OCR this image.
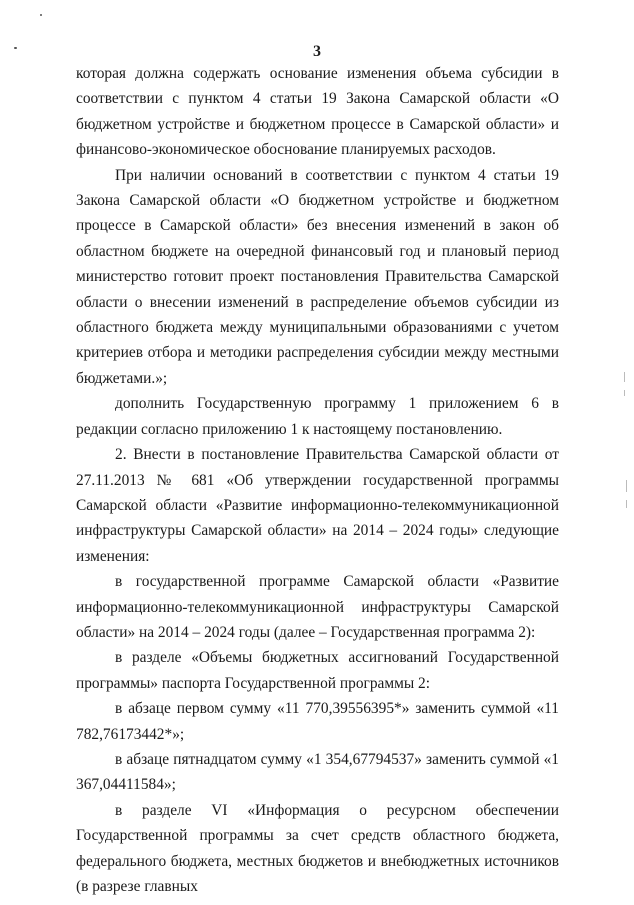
3

которая должна содержать основание изменения объема субсидии в соответствии с пунктом 4 статьи 19 Закона Самарской области «О бюджетном устройстве и бюджетном процессе в Самарской области» и финансово-экономическое обоснование планируемых расходов.

При наличии оснований в соответствии с пунктом 4 статьи 19 Закона Самарской области «О бюджетном устройстве и бюджетном процессе в Самарской области» без внесения изменений в закон об областном бюджете на очередной финансовый год и плановый период министерство готовит проект постановления Правительства Самарской области о внесении изменений в распределение объемов субсидии из областного бюджета между муниципальными образованиями с учетом критериев отбора и методики распределения субсидии между местными бюджетами.»;

дополнить Государственную программу 1 приложением 6 в редакции согласно приложению 1 к настоящему постановлению.

2. Внести в постановление Правительства Самарской области от 27.11.2013 № 681 «Об утверждении государственной программы Самарской области «Развитие информационно-телекоммуникационной инфраструктуры Самарской области» на 2014 – 2024 годы» следующие изменения:

в государственной программе Самарской области «Развитие информационно-телекоммуникационной инфраструктуры Самарской области» на 2014 – 2024 годы (далее – Государственная программа 2):

в разделе «Объемы бюджетных ассигнований Государственной программы» паспорта Государственной программы 2:

в абзаце первом сумму «11 770,39556395*» заменить суммой «11 782,76173442*»;

в абзаце пятнадцатом сумму «1 354,67794537» заменить суммой «1 367,04411584»;

в разделе VI «Информация о ресурсном обеспечении Государственной программы за счет средств областного бюджета, федерального бюджета, местных бюджетов и внебюджетных источников (в разрезе главных
